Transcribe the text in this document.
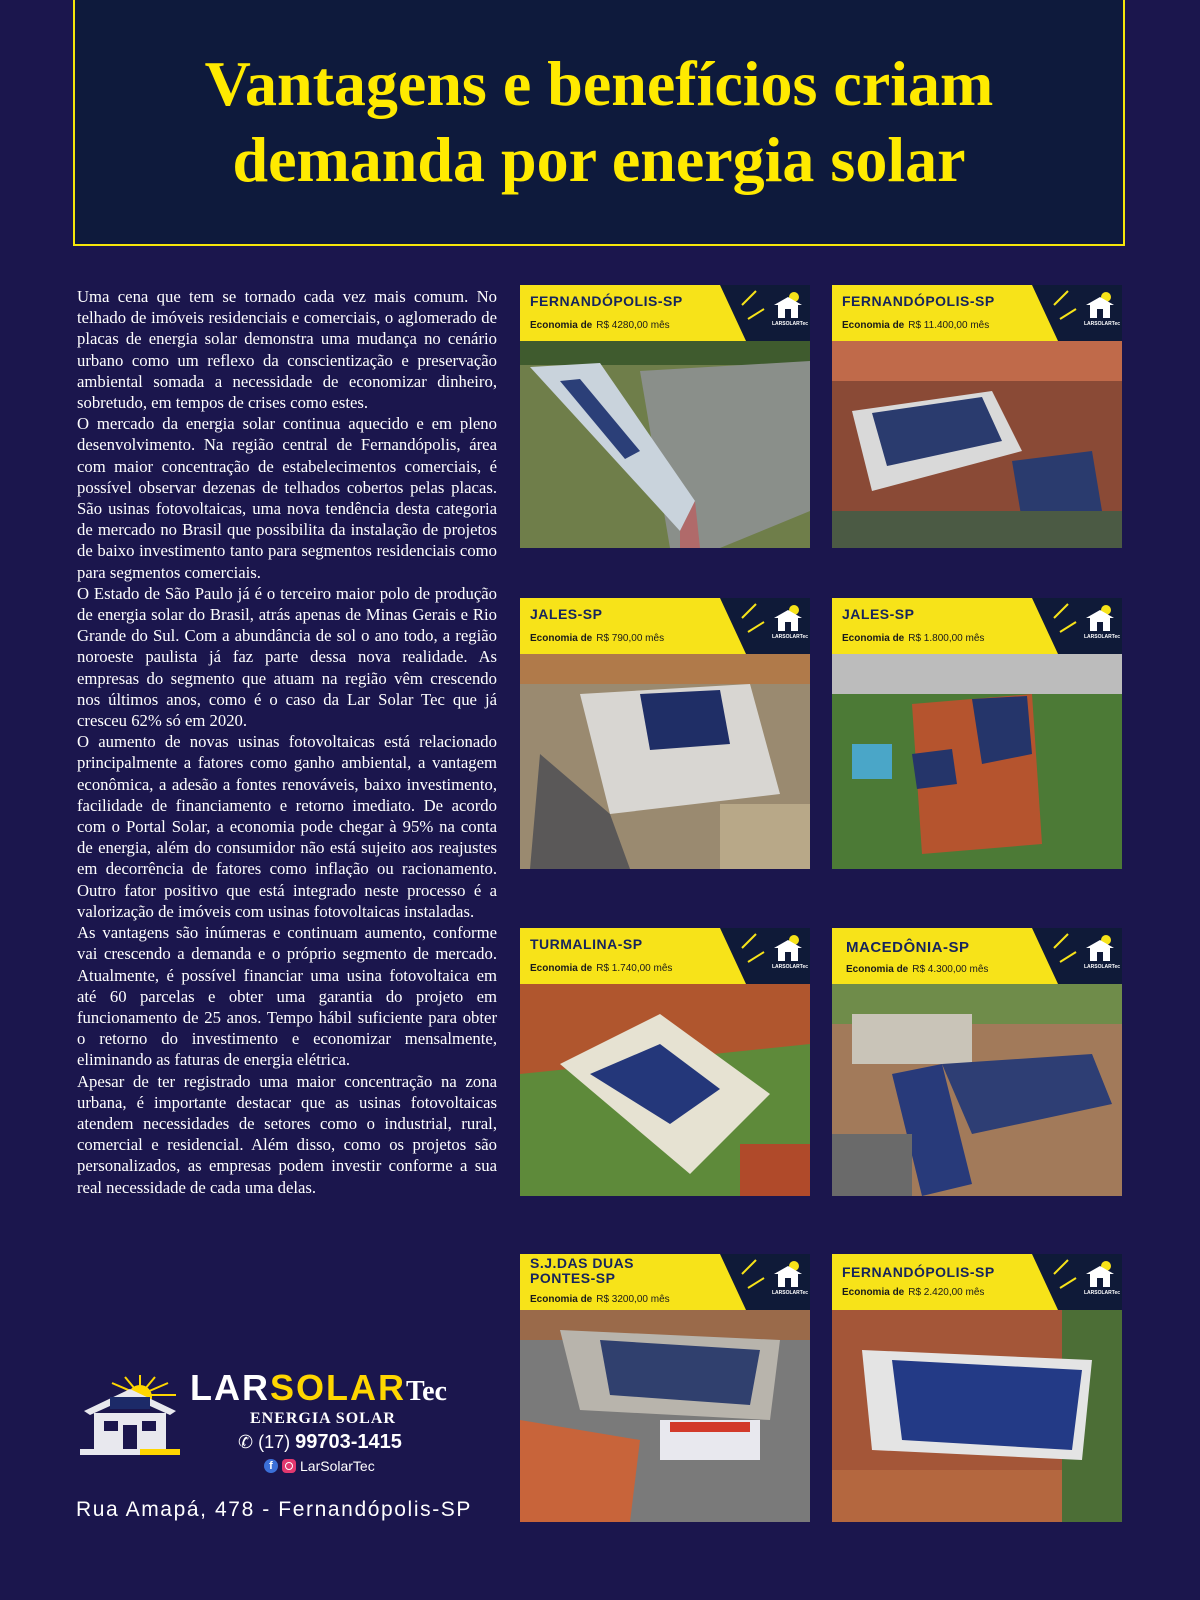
Vantagens e benefícios criam demanda por energia solar

Uma cena que tem se tornado cada vez mais comum. No telhado de imóveis residenciais e comerciais, o aglomerado de placas de energia solar demonstra uma mudança no cenário urbano como um reflexo da conscientização e preservação ambiental somada a necessidade de economizar dinheiro, sobretudo, em tempos de crises como estes.

O mercado da energia solar continua aquecido e em pleno desenvolvimento. Na região central de Fernandópolis, área com maior concentração de estabelecimentos comerciais, é possível observar dezenas de telhados cobertos pelas placas. São usinas fotovoltaicas, uma nova tendência desta categoria de mercado no Brasil que possibilita da instalação de projetos de baixo investimento tanto para segmentos residenciais como para segmentos comerciais.

O Estado de São Paulo já é o terceiro maior polo de produção de energia solar do Brasil, atrás apenas de Minas Gerais e Rio Grande do Sul. Com a abundância de sol o ano todo, a região noroeste paulista já faz parte dessa nova realidade. As empresas do segmento que atuam na região vêm crescendo nos últimos anos, como é o caso da Lar Solar Tec que já cresceu 62% só em 2020.

O aumento de novas usinas fotovoltaicas está relacionado principalmente a fatores como ganho ambiental, a vantagem econômica, a adesão a fontes renováveis, baixo investimento, facilidade de financiamento e retorno imediato. De acordo com o Portal Solar, a economia pode chegar à 95% na conta de energia, além do consumidor não está sujeito aos reajustes em decorrência de fatores como inflação ou racionamento. Outro fator positivo que está integrado neste processo é a valorização de imóveis com usinas fotovoltaicas instaladas.

As vantagens são inúmeras e continuam aumento, conforme vai crescendo a demanda e o próprio segmento de mercado. Atualmente, é possível financiar uma usina fotovoltaica em até 60 parcelas e obter uma garantia do projeto em funcionamento de 25 anos. Tempo hábil suficiente para obter o retorno do investimento e economizar mensalmente, eliminando as faturas de energia elétrica.

Apesar de ter registrado uma maior concentração na zona urbana, é importante destacar que as usinas fotovoltaicas atendem necessidades de setores como o industrial, rural, comercial e residencial. Além disso, como os projetos são personalizados, as empresas podem investir conforme a sua real necessidade de cada uma delas.

LARSOLARTec
ENERGIA SOLAR
✆ (17) 99703-1415
f	LarSolarTec
Rua Amapá, 478 - Fernandópolis-SP
FERNANDÓPOLIS-SP
Economia de R$ 4280,00 mês	LARSOLARTec
FERNANDÓPOLIS-SP
Economia de R$ 11.400,00 mês	LARSOLARTec
JALES-SP
Economia de R$ 790,00 mês	LARSOLARTec
JALES-SP
Economia de R$ 1.800,00 mês	LARSOLARTec
TURMALINA-SP
Economia de R$ 1.740,00 mês	LARSOLARTec
MACEDÔNIA-SP
Economia de R$ 4.300,00 mês	LARSOLARTec
S.J.DAS DUAS PONTES-SP
Economia de R$ 3200,00 mês
LARSOLARTec
FERNANDÓPOLIS-SP
Economia de R$ 2.420,00 mês	LARSOLARTec
